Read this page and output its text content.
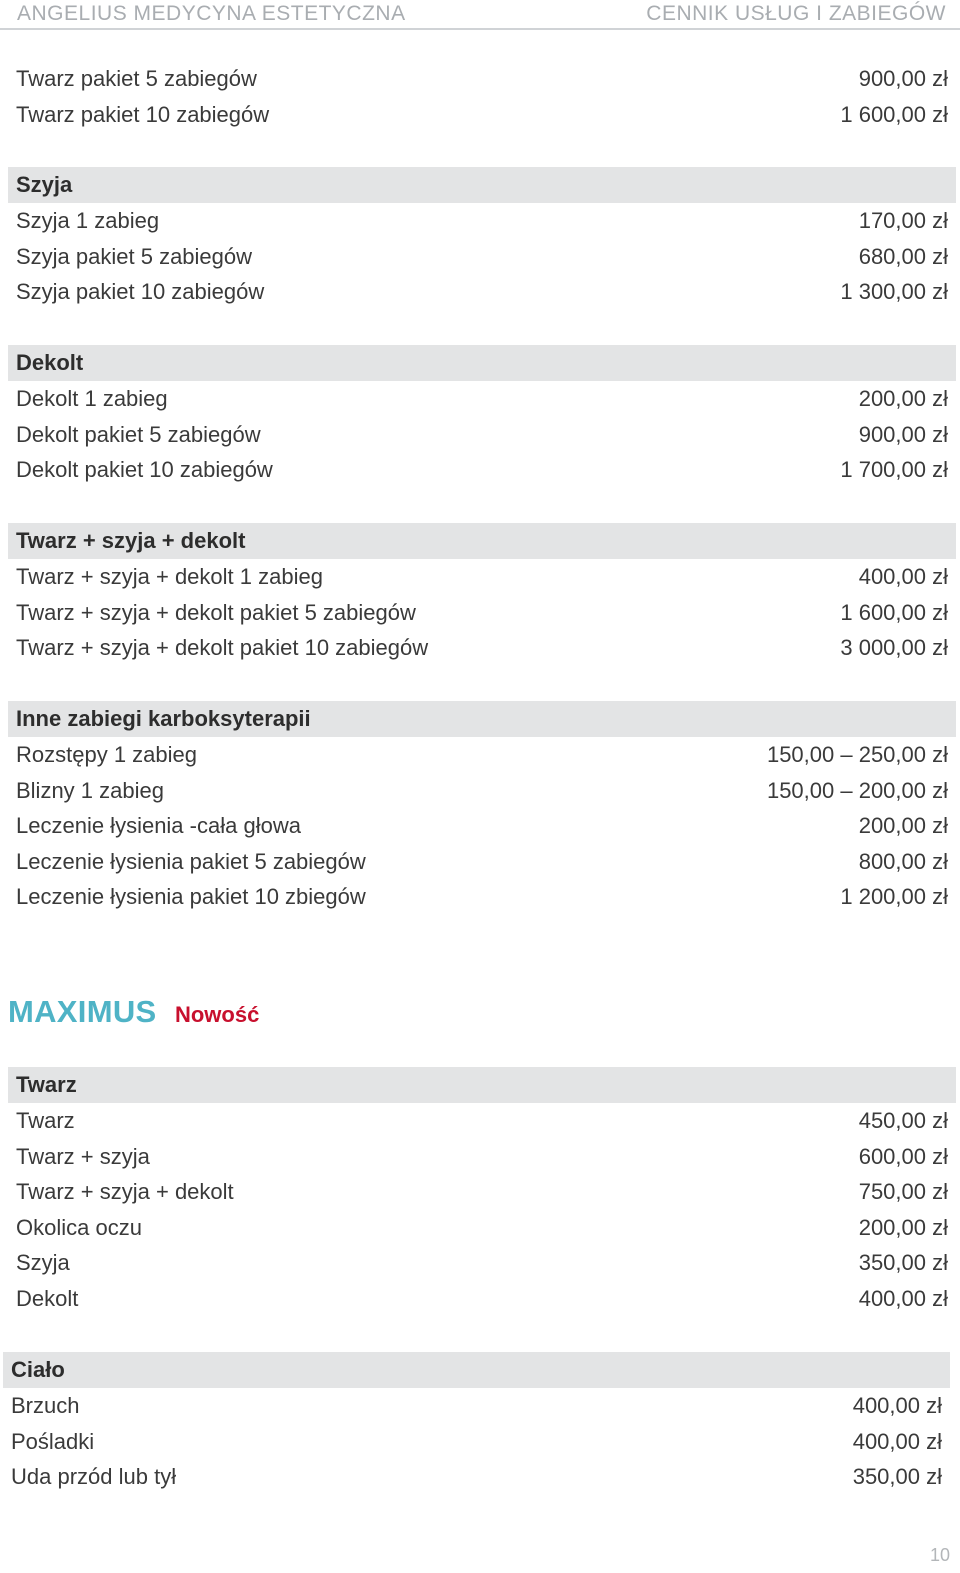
ANGELIUS MEDYCYNA ESTETYCZNA	CENNIK USŁUG I ZABIEGÓW
Twarz pakiet 5 zabiegów	900,00 zł
Twarz pakiet 10 zabiegów	1 600,00 zł
Szyja
Szyja 1 zabieg	170,00 zł
Szyja pakiet 5 zabiegów	680,00 zł
Szyja pakiet 10 zabiegów	1 300,00 zł
Dekolt
Dekolt 1 zabieg	200,00 zł
Dekolt pakiet 5 zabiegów	900,00 zł
Dekolt pakiet 10 zabiegów	1 700,00 zł
Twarz + szyja + dekolt
Twarz + szyja + dekolt 1 zabieg	400,00 zł
Twarz + szyja + dekolt pakiet 5 zabiegów	1 600,00 zł
Twarz + szyja + dekolt pakiet 10 zabiegów	3 000,00 zł
Inne zabiegi karboksyterapii
Rozstępy 1 zabieg	150,00 – 250,00 zł
Blizny 1 zabieg	150,00 – 200,00 zł
Leczenie łysienia -cała głowa	200,00 zł
Leczenie łysienia pakiet 5 zabiegów	800,00 zł
Leczenie łysienia pakiet 10 zbiegów	1 200,00 zł
MAXIMUS Nowość
Twarz
Twarz	450,00 zł
Twarz + szyja	600,00 zł
Twarz + szyja + dekolt	750,00 zł
Okolica oczu	200,00 zł
Szyja	350,00 zł
Dekolt	400,00 zł
Ciało
Brzuch	400,00 zł
Pośladki	400,00 zł
Uda przód lub tył	350,00 zł
10
